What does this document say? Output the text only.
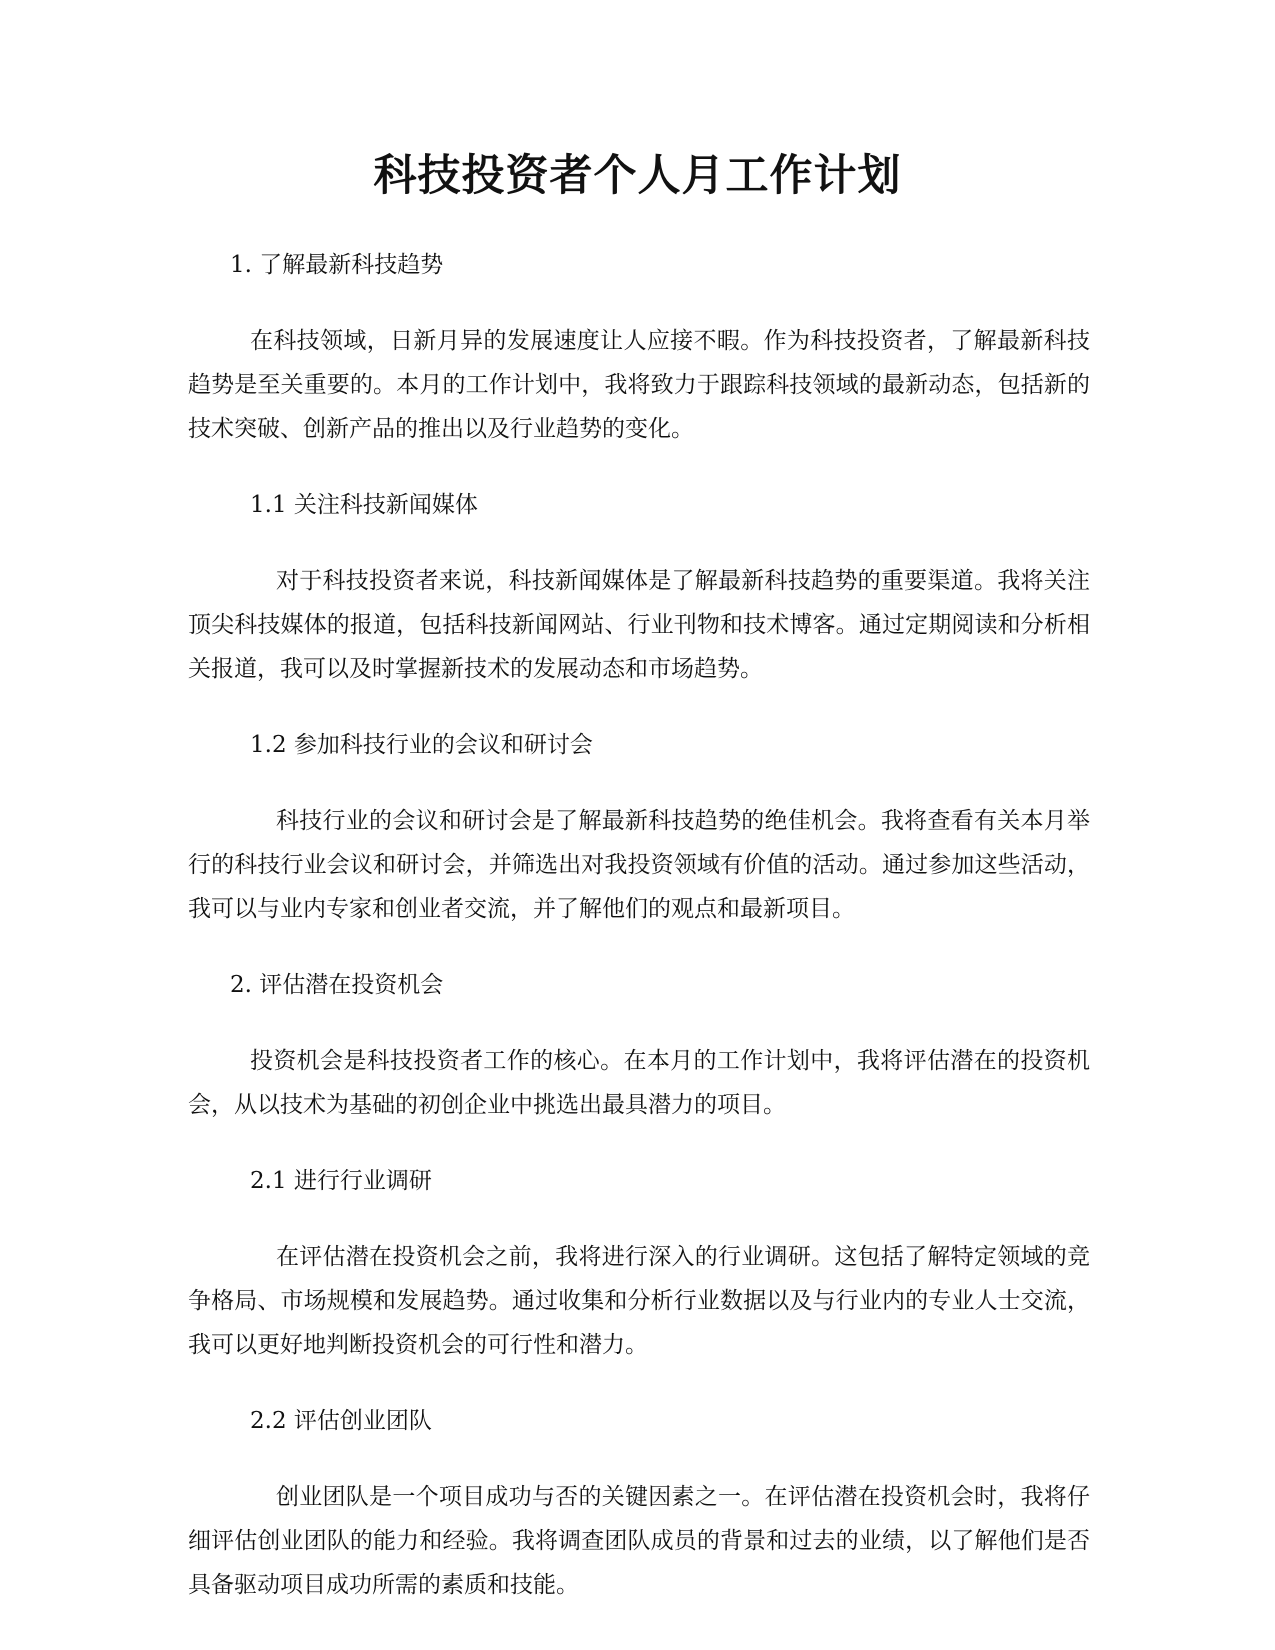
科技投资者个人月工作计划
1. 了解最新科技趋势
在科技领域，日新月异的发展速度让人应接不暇。作为科技投资者，了解最新科技趋势是至关重要的。本月的工作计划中，我将致力于跟踪科技领域的最新动态，包括新的技术突破、创新产品的推出以及行业趋势的变化。
1.1 关注科技新闻媒体
对于科技投资者来说，科技新闻媒体是了解最新科技趋势的重要渠道。我将关注顶尖科技媒体的报道，包括科技新闻网站、行业刊物和技术博客。通过定期阅读和分析相关报道，我可以及时掌握新技术的发展动态和市场趋势。
1.2 参加科技行业的会议和研讨会
科技行业的会议和研讨会是了解最新科技趋势的绝佳机会。我将查看有关本月举行的科技行业会议和研讨会，并筛选出对我投资领域有价值的活动。通过参加这些活动，我可以与业内专家和创业者交流，并了解他们的观点和最新项目。
2. 评估潜在投资机会
投资机会是科技投资者工作的核心。在本月的工作计划中，我将评估潜在的投资机会，从以技术为基础的初创企业中挑选出最具潜力的项目。
2.1 进行行业调研
在评估潜在投资机会之前，我将进行深入的行业调研。这包括了解特定领域的竞争格局、市场规模和发展趋势。通过收集和分析行业数据以及与行业内的专业人士交流，我可以更好地判断投资机会的可行性和潜力。
2.2 评估创业团队
创业团队是一个项目成功与否的关键因素之一。在评估潜在投资机会时，我将仔细评估创业团队的能力和经验。我将调查团队成员的背景和过去的业绩，以了解他们是否具备驱动项目成功所需的素质和技能。
